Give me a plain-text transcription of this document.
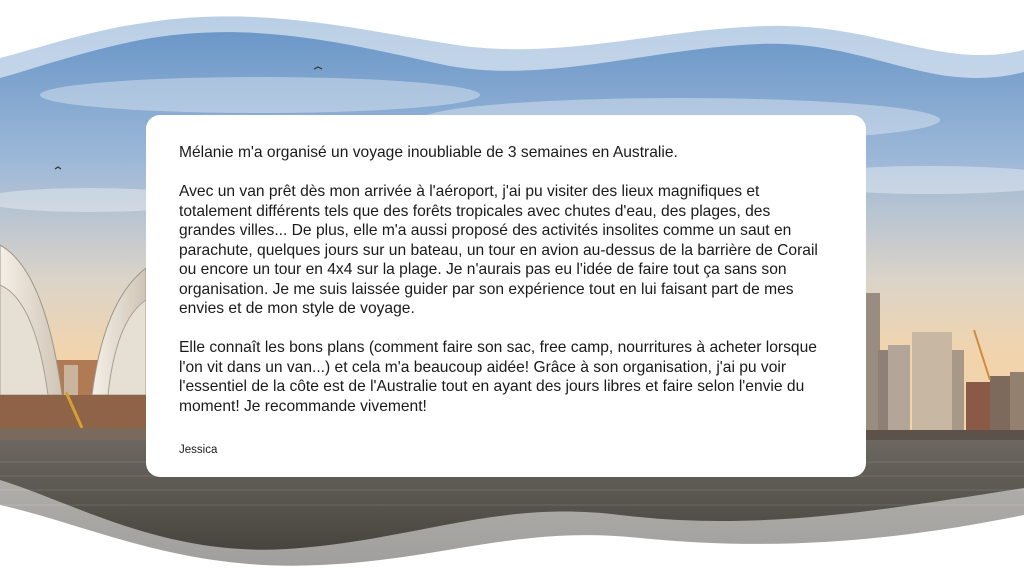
Mélanie m'a organisé un voyage inoubliable de 3 semaines en Australie.

Avec un van prêt dès mon arrivée à l'aéroport, j'ai pu visiter des lieux magnifiques et
totalement différents tels que des forêts tropicales avec chutes d'eau, des plages, des
grandes villes... De plus, elle m'a aussi proposé des activités insolites comme un saut en
parachute, quelques jours sur un bateau, un tour en avion au-dessus de la barrière de Corail
ou encore un tour en 4x4 sur la plage. Je n'aurais pas eu l'idée de faire tout ça sans son
organisation. Je me suis laissée guider par son expérience tout en lui faisant part de mes
envies et de mon style de voyage.

Elle connaît les bons plans (comment faire son sac, free camp, nourritures à acheter lorsque
l'on vit dans un van...) et cela m'a beaucoup aidée! Grâce à son organisation, j'ai pu voir
l'essentiel de la côte est de l'Australie tout en ayant des jours libres et faire selon l'envie du
moment! Je recommande vivement!

Jessica
